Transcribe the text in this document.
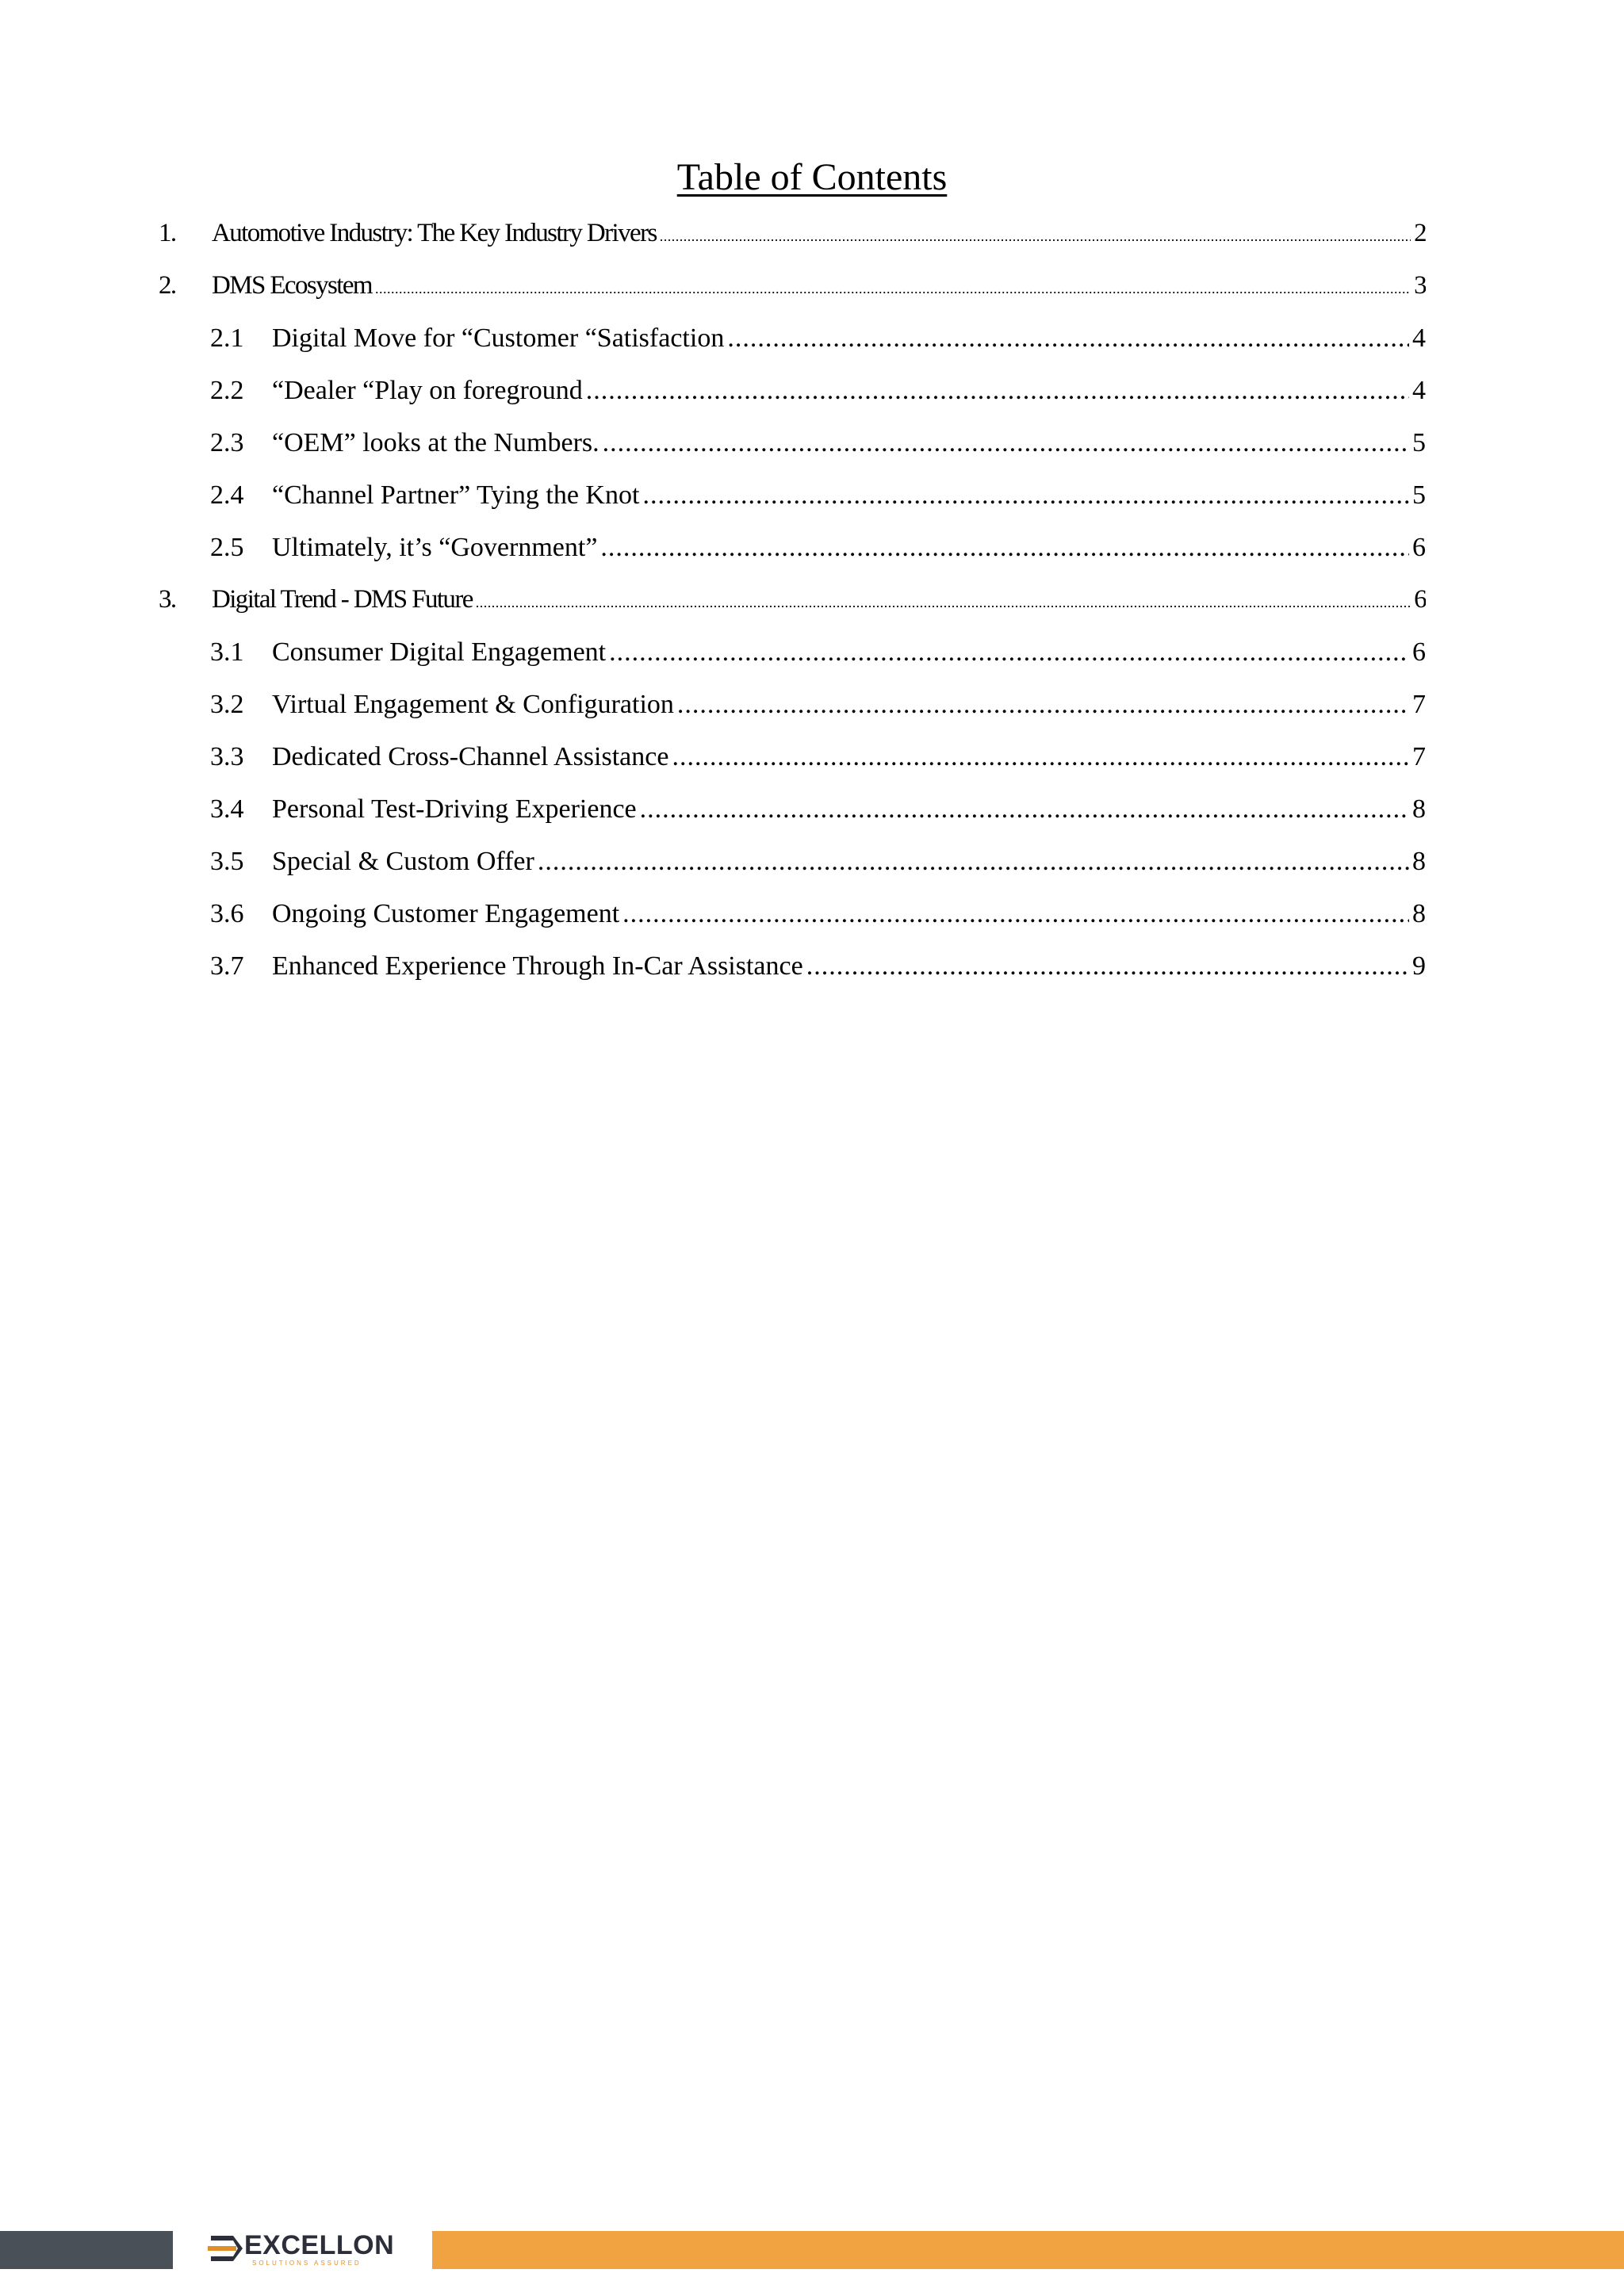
Table of Contents
1.	Automotive Industry: The Key Industry Drivers .....	2
2.	DMS Ecosystem .....	3
2.1	Digital Move for “Customer “Satisfaction .....	4
2.2	“Dealer “Play on foreground .....	4
2.3	“OEM” looks at the Numbers. .....	5
2.4	“Channel Partner” Tying the Knot .....	5
2.5	Ultimately, it’s “Government” .....	6
3.	Digital Trend - DMS Future .....	6
3.1	Consumer Digital Engagement .....	6
3.2	Virtual Engagement & Configuration .....	7
3.3	Dedicated Cross-Channel Assistance .....	7
3.4	Personal Test-Driving Experience .....	8
3.5	Special & Custom Offer .....	8
3.6	Ongoing Customer Engagement .....	8
3.7	Enhanced Experience Through In-Car Assistance .....	9
EXCELLON
SOLUTIONS ASSURED
